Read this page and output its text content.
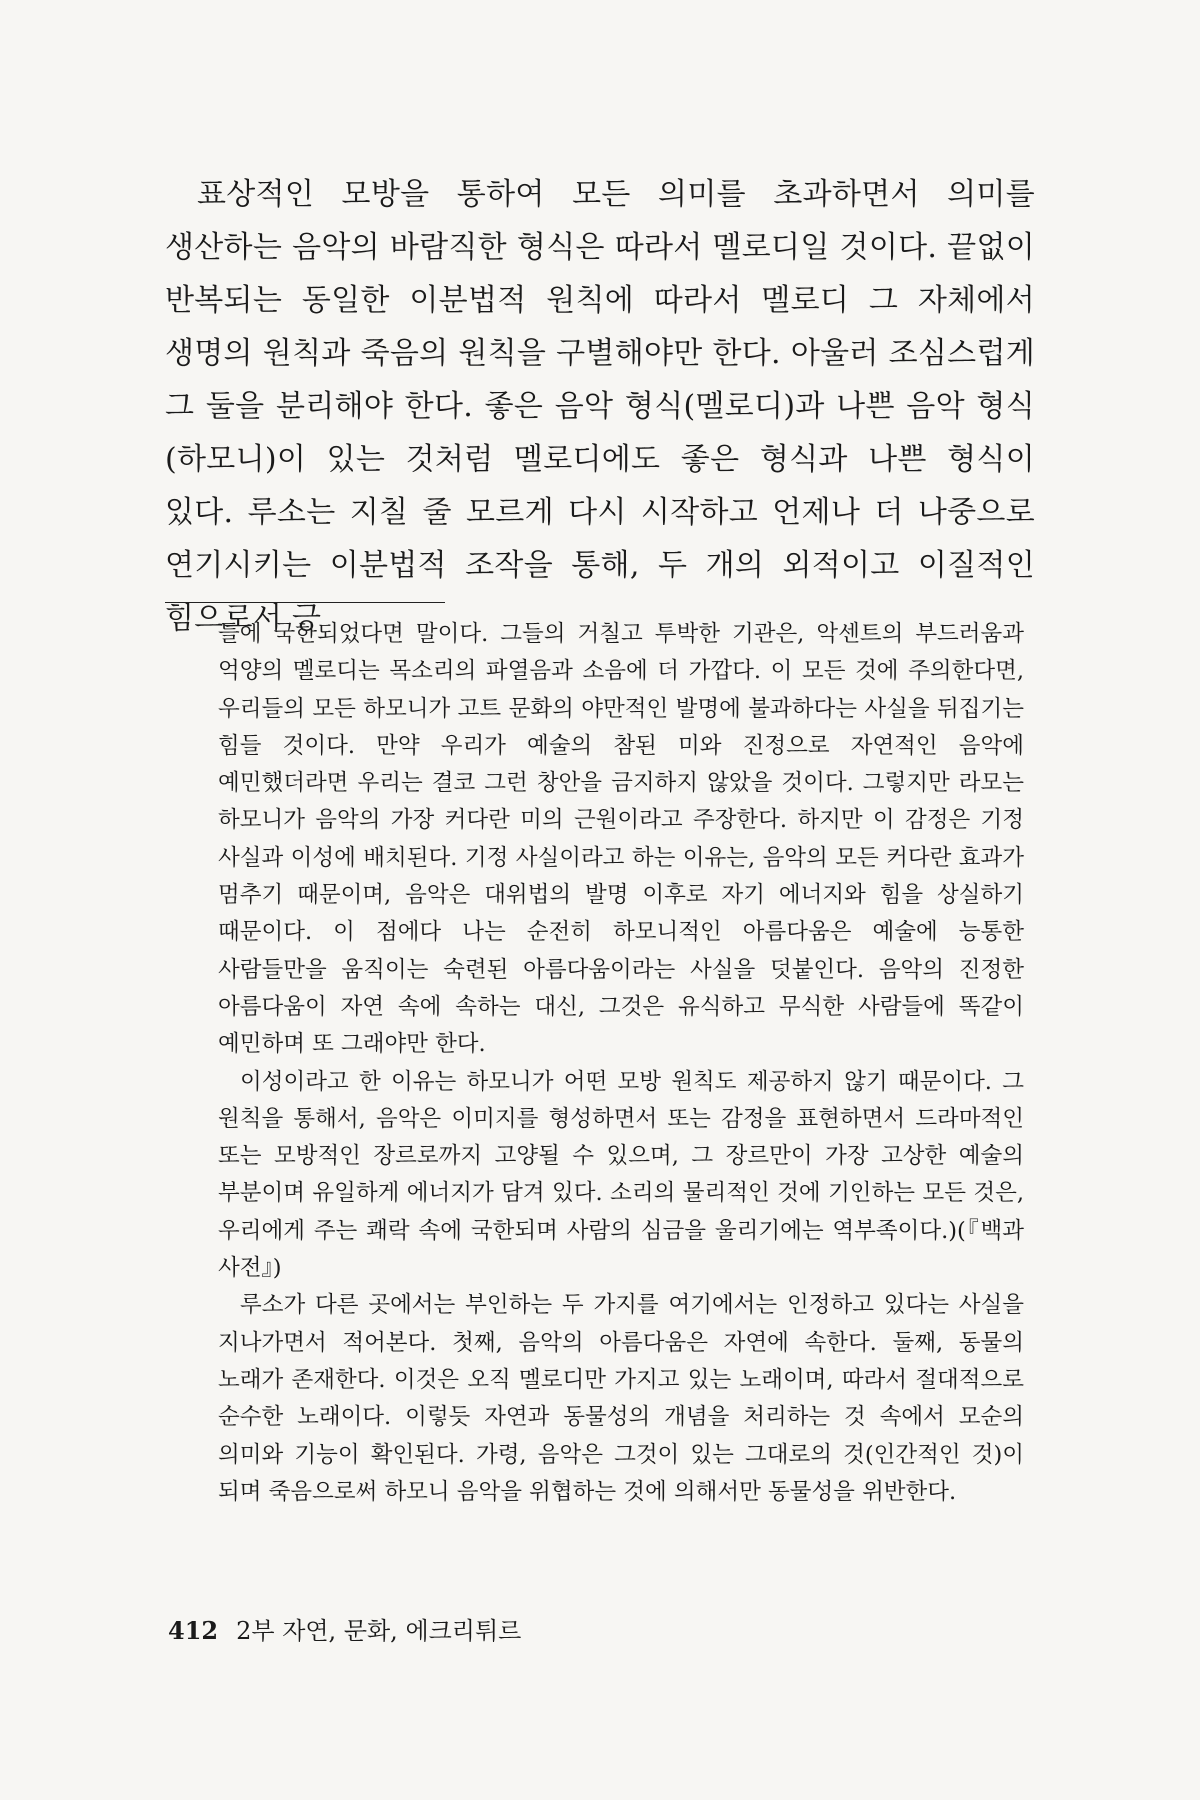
표상적인 모방을 통하여 모든 의미를 초과하면서 의미를 생산하는 음악의 바람직한 형식은 따라서 멜로디일 것이다. 끝없이 반복되는 동일한 이분법적 원칙에 따라서 멜로디 그 자체에서 생명의 원칙과 죽음의 원칙을 구별해야만 한다. 아울러 조심스럽게 그 둘을 분리해야 한다. 좋은 음악 형식(멜로디)과 나쁜 음악 형식(하모니)이 있는 것처럼 멜로디에도 좋은 형식과 나쁜 형식이 있다. 루소는 지칠 줄 모르게 다시 시작하고 언제나 더 나중으로 연기시키는 이분법적 조작을 통해, 두 개의 외적이고 이질적인 힘으로서 긍

들에 국한되었다면 말이다. 그들의 거칠고 투박한 기관은, 악센트의 부드러움과 억양의 멜로디는 목소리의 파열음과 소음에 더 가깝다. 이 모든 것에 주의한다면, 우리들의 모든 하모니가 고트 문화의 야만적인 발명에 불과하다는 사실을 뒤집기는 힘들 것이다. 만약 우리가 예술의 참된 미와 진정으로 자연적인 음악에 예민했더라면 우리는 결코 그런 창안을 금지하지 않았을 것이다. 그렇지만 라모는 하모니가 음악의 가장 커다란 미의 근원이라고 주장한다. 하지만 이 감정은 기정 사실과 이성에 배치된다. 기정 사실이라고 하는 이유는, 음악의 모든 커다란 효과가 멈추기 때문이며, 음악은 대위법의 발명 이후로 자기 에너지와 힘을 상실하기 때문이다. 이 점에다 나는 순전히 하모니적인 아름다움은 예술에 능통한 사람들만을 움직이는 숙련된 아름다움이라는 사실을 덧붙인다. 음악의 진정한 아름다움이 자연 속에 속하는 대신, 그것은 유식하고 무식한 사람들에 똑같이 예민하며 또 그래야만 한다.

이성이라고 한 이유는 하모니가 어떤 모방 원칙도 제공하지 않기 때문이다. 그 원칙을 통해서, 음악은 이미지를 형성하면서 또는 감정을 표현하면서 드라마적인 또는 모방적인 장르로까지 고양될 수 있으며, 그 장르만이 가장 고상한 예술의 부분이며 유일하게 에너지가 담겨 있다. 소리의 물리적인 것에 기인하는 모든 것은, 우리에게 주는 쾌락 속에 국한되며 사람의 심금을 울리기에는 역부족이다.)(『백과 사전』)

루소가 다른 곳에서는 부인하는 두 가지를 여기에서는 인정하고 있다는 사실을 지나가면서 적어본다. 첫째, 음악의 아름다움은 자연에 속한다. 둘째, 동물의 노래가 존재한다. 이것은 오직 멜로디만 가지고 있는 노래이며, 따라서 절대적으로 순수한 노래이다. 이렇듯 자연과 동물성의 개념을 처리하는 것 속에서 모순의 의미와 기능이 확인된다. 가령, 음악은 그것이 있는 그대로의 것(인간적인 것)이 되며 죽음으로써 하모니 음악을 위협하는 것에 의해서만 동물성을 위반한다.

412 2부 자연, 문화, 에크리튀르
